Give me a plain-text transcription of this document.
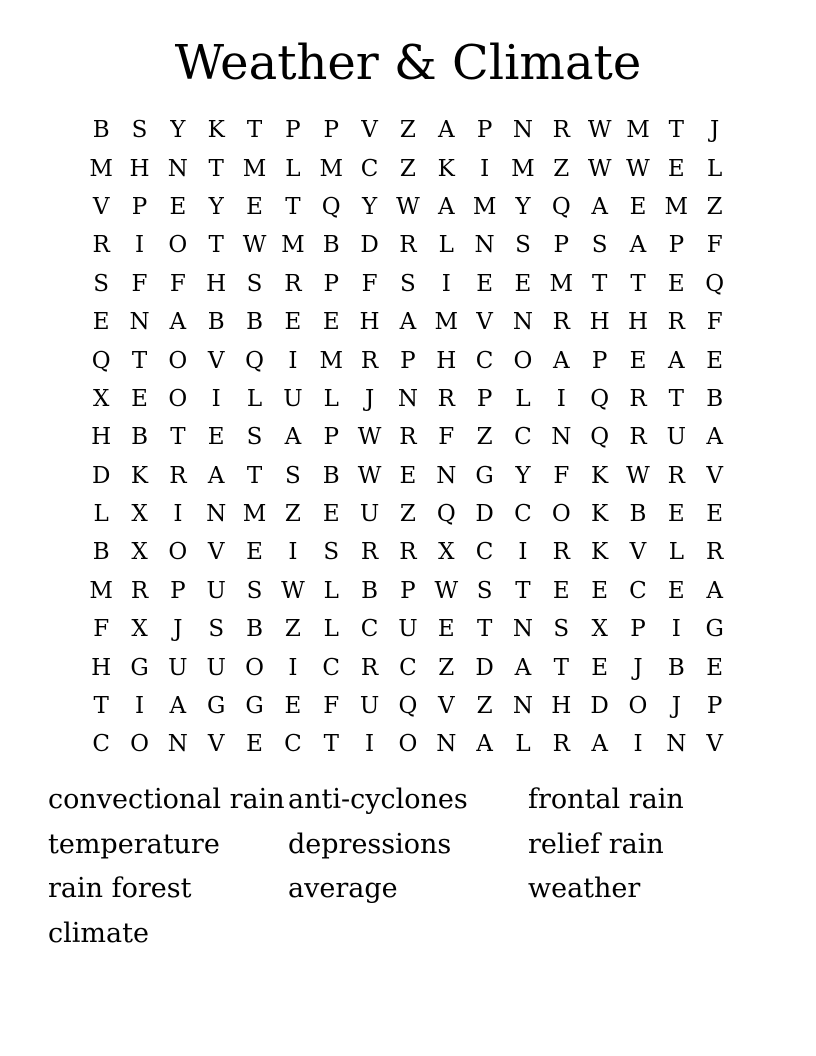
Weather & Climate
B S Y K T P P V Z A P N R W M T	J
M H N T M L M C Z K	I M Z W W E L
V P E Y E T Q Y W A M Y Q A E M Z
R	I	O T W M B D R L N S P S A P F
S F F H S R P F S	I	E E M T	T E Q
E N A B B E E H A M V N R H H R F
Q T O V Q	I M R P H C O A P E A E
X E O	I	L U L	J	N R P L	I	Q R T B
H B T E S A P W R F Z C N Q R U A
D K R A T S B W E N G Y F K W R V
L X	I	N M Z E U Z Q D C O K B E E
B X O V E	I	S R R X C	I	R K V L R
M R P U S W L B P W S T E E C E A
F X	J	S B Z L C U E T N S X P	I	G
H G U U O	I	C R C Z D A T E	J	B E
T	I	A G G E F U Q V Z N H D O	J	P
C O N V E C T	I	O N A L R A	I	N V
convectional rain anti-cyclones	frontal rain
temperature	depressions	relief rain
rain forest	average	weather
climate
